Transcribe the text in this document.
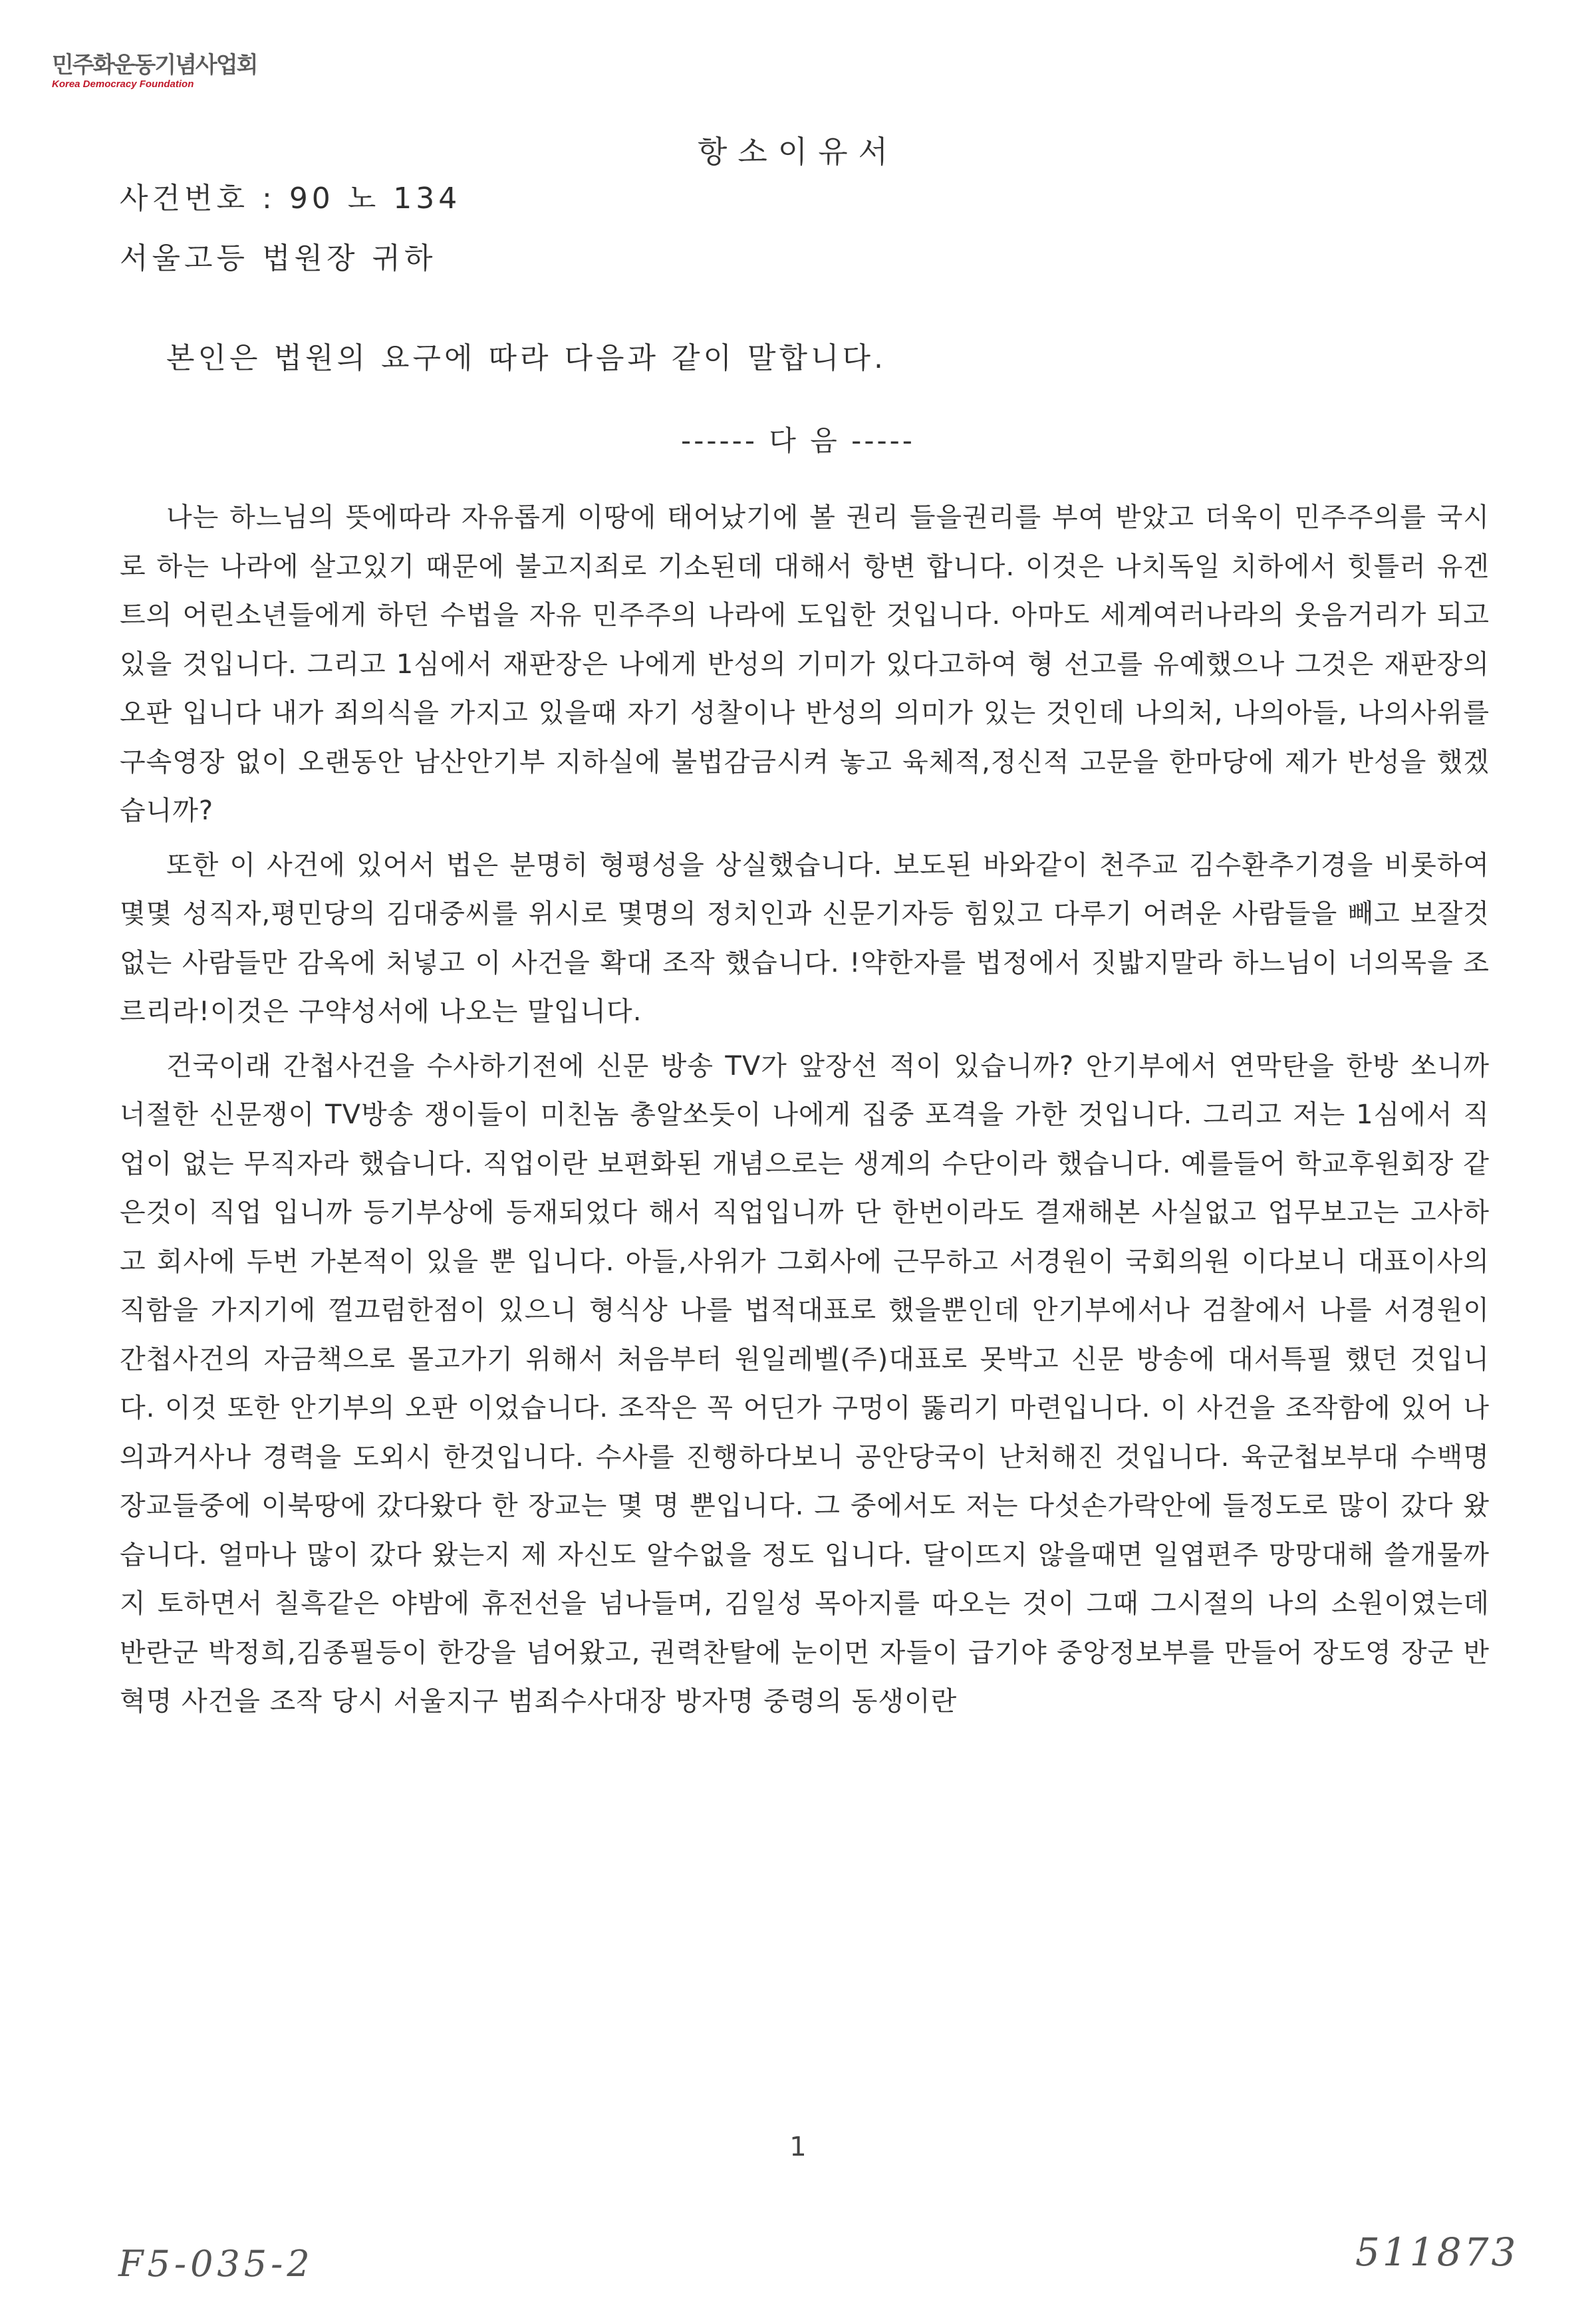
민주화운동기념사업회
Korea Democracy Foundation
항소이유서
사건번호 : 90 노 134
서울고등 법원장 귀하
본인은 법원의 요구에 따라 다음과 같이 말합니다.
------ 다 음 -----

나는 하느님의 뜻에따라 자유롭게 이땅에 태어났기에 볼 권리 들을권리를 부여 받았고 더욱이 민주주의를 국시로 하는 나라에 살고있기 때문에 불고지죄로 기소된데 대해서 항변 합니다. 이것은 나치독일 치하에서 힛틀러 유겐트의 어린소년들에게 하던 수법을 자유 민주주의 나라에 도입한 것입니다. 아마도 세계여러나라의 웃음거리가 되고 있을 것입니다. 그리고 1심에서 재판장은 나에게 반성의 기미가 있다고하여 형 선고를 유예했으나 그것은 재판장의 오판 입니다 내가 죄의식을 가지고 있을때 자기 성찰이나 반성의 의미가 있는 것인데 나의처, 나의아들, 나의사위를 구속영장 없이 오랜동안 남산안기부 지하실에 불법감금시켜 놓고 육체적,정신적 고문을 한마당에 제가 반성을 했겠습니까?

또한 이 사건에 있어서 법은 분명히 형평성을 상실했습니다. 보도된 바와같이 천주교 김수환추기경을 비롯하여 몇몇 성직자,평민당의 김대중씨를 위시로 몇명의 정치인과 신문기자등 힘있고 다루기 어려운 사람들을 빼고 보잘것 없는 사람들만 감옥에 처넣고 이 사건을 확대 조작 했습니다. !약한자를 법정에서 짓밟지말라 하느님이 너의목을 조르리라!이것은 구약성서에 나오는 말입니다.

건국이래 간첩사건을 수사하기전에 신문 방송 TV가 앞장선 적이 있습니까? 안기부에서 연막탄을 한방 쏘니까 너절한 신문쟁이 TV방송 쟁이들이 미친놈 총알쏘듯이 나에게 집중 포격을 가한 것입니다. 그리고 저는 1심에서 직업이 없는 무직자라 했습니다. 직업이란 보편화된 개념으로는 생계의 수단이라 했습니다. 예를들어 학교후원회장 같은것이 직업 입니까 등기부상에 등재되었다 해서 직업입니까 단 한번이라도 결재해본 사실없고 업무보고는 고사하고 회사에 두번 가본적이 있을 뿐 입니다. 아들,사위가 그회사에 근무하고 서경원이 국회의원 이다보니 대표이사의 직함을 가지기에 껄끄럼한점이 있으니 형식상 나를 법적대표로 했을뿐인데 안기부에서나 검찰에서 나를 서경원이 간첩사건의 자금책으로 몰고가기 위해서 처음부터 원일레벨(주)대표로 못박고 신문 방송에 대서특필 했던 것입니다. 이것 또한 안기부의 오판 이었습니다. 조작은 꼭 어딘가 구멍이 뚫리기 마련입니다. 이 사건을 조작함에 있어 나의과거사나 경력을 도외시 한것입니다. 수사를 진행하다보니 공안당국이 난처해진 것입니다. 육군첩보부대 수백명 장교들중에 이북땅에 갔다왔다 한 장교는 몇 명 뿐입니다. 그 중에서도 저는 다섯손가락안에 들정도로 많이 갔다 왔습니다. 얼마나 많이 갔다 왔는지 제 자신도 알수없을 정도 입니다. 달이뜨지 않을때면 일엽편주 망망대해 쓸개물까지 토하면서 칠흑같은 야밤에 휴전선을 넘나들며, 김일성 목아지를 따오는 것이 그때 그시절의 나의 소원이였는데 반란군 박정희,김종필등이 한강을 넘어왔고, 권력찬탈에 눈이먼 자들이 급기야 중앙정보부를 만들어 장도영 장군 반혁명 사건을 조작 당시 서울지구 범죄수사대장 방자명 중령의 동생이란

1
F5-035-2	511873
